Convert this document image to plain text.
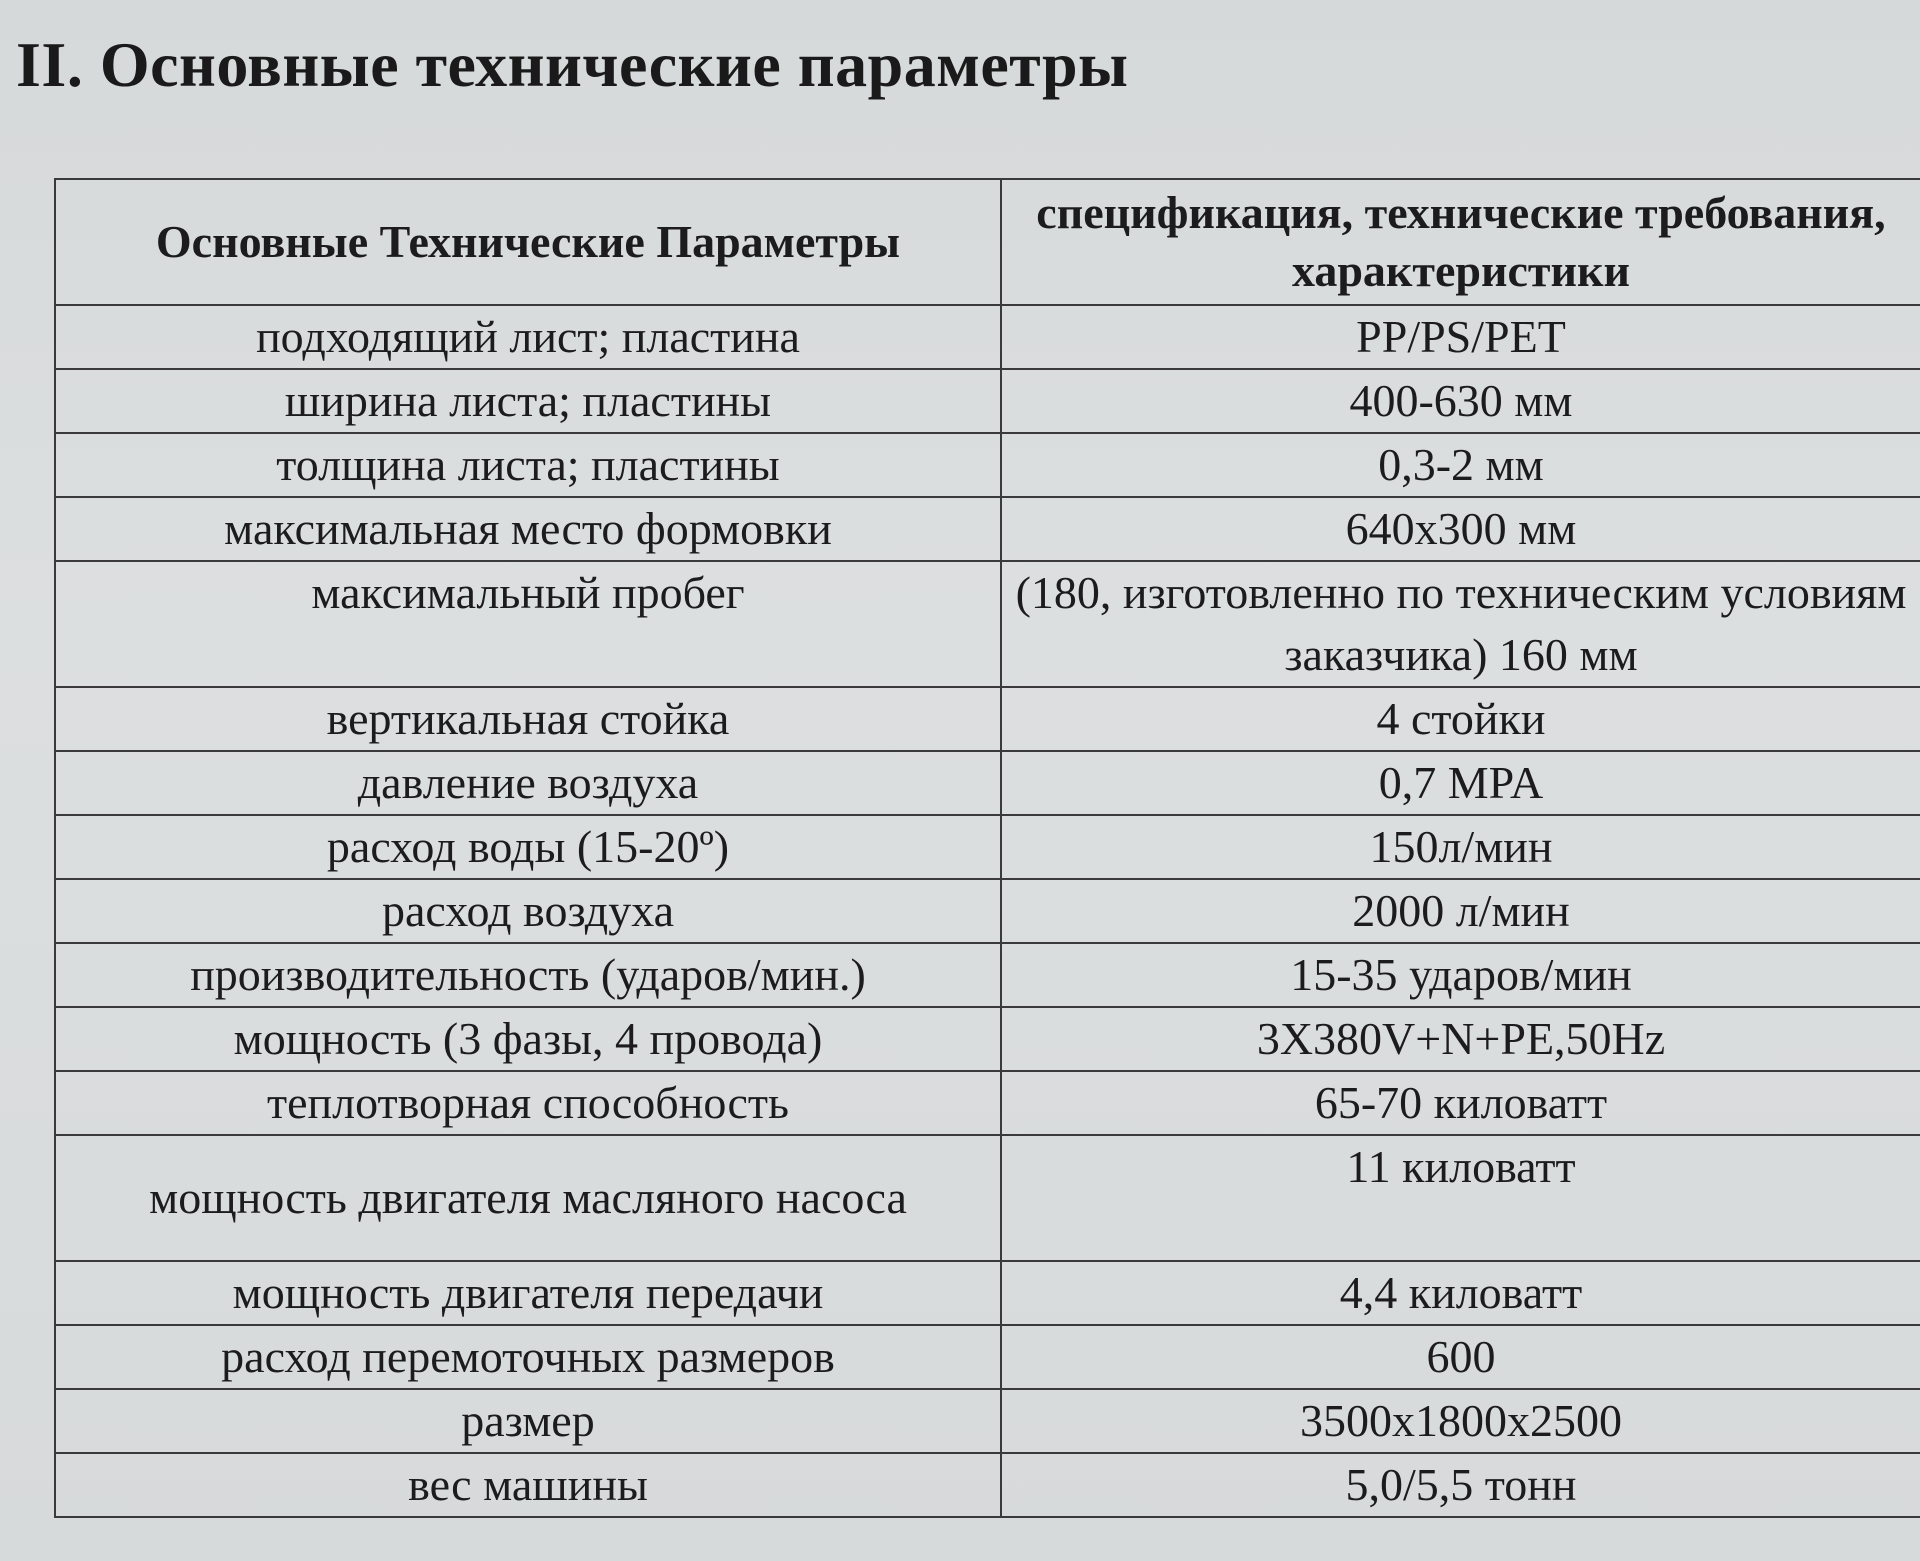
II. Основные технические параметры
Основные Технические Параметры	спецификация, технические требования, характеристики
подходящий лист; пластина	PP/PS/PET
ширина листа; пластины	400-630 мм
толщина листа; пластины	0,3-2 мм
максимальная место формовки	640x300 мм
максимальный пробег	(180, изготовленно по техническим условиям заказчика) 160 мм
вертикальная стойка	4 стойки
давление воздуха	0,7 MPA
расход воды (15-20º)	150л/мин
расход воздуха	2000 л/мин
производительность (ударов/мин.)	15-35 ударов/мин
мощность (3 фазы, 4 провода)	3X380V+N+PE,50Hz
теплотворная способность	65-70 киловатт
мощность двигателя масляного насоса	11 киловатт
мощность двигателя передачи	4,4 киловатт
расход перемоточных размеров	600
размер	3500x1800x2500
вес машины	5,0/5,5 тонн
